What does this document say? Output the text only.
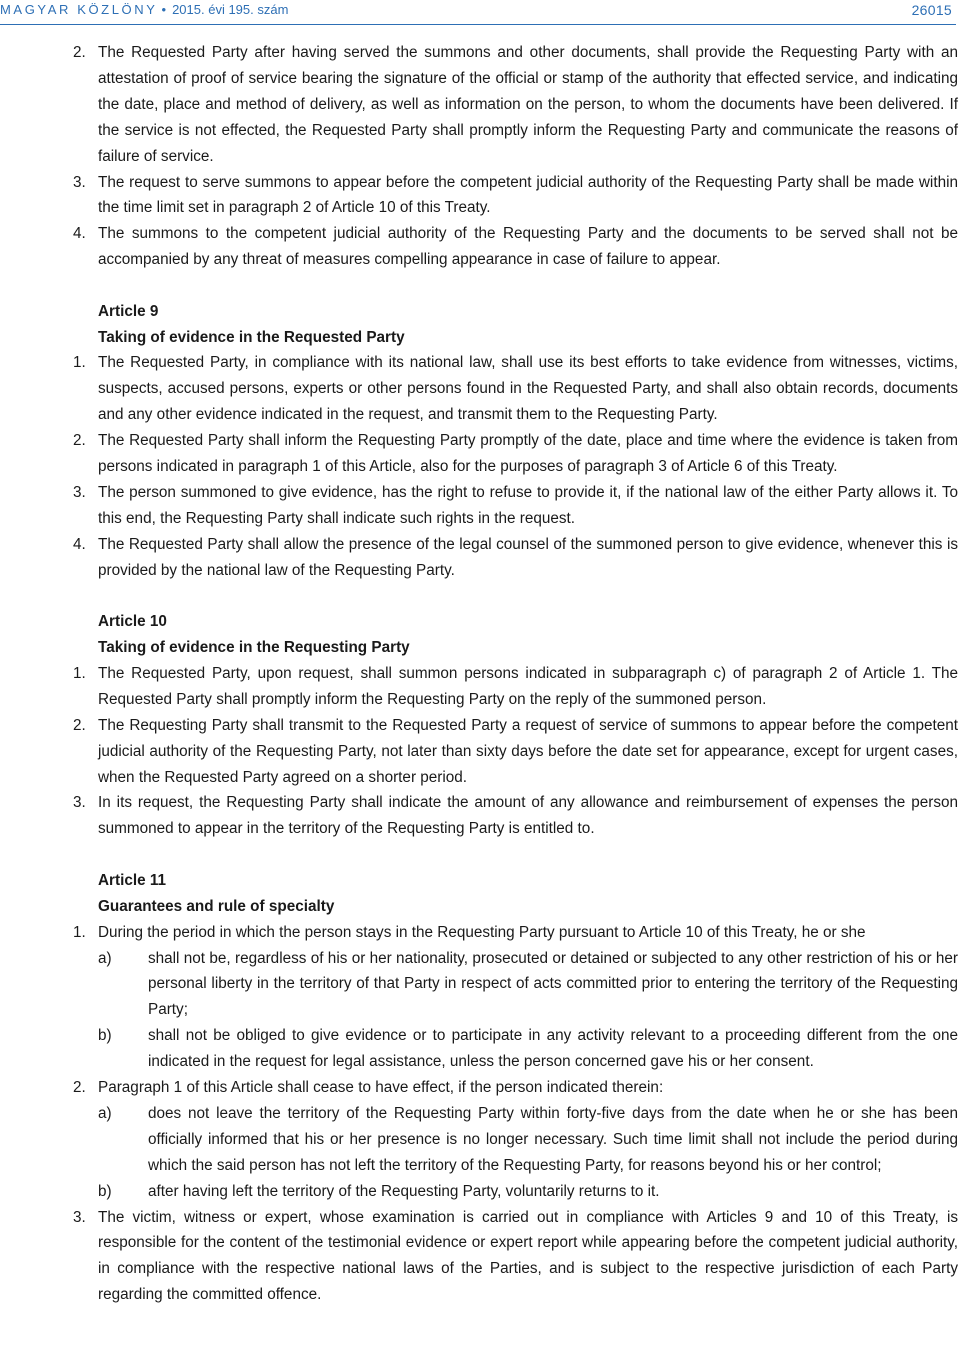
MAGYAR KÖZLÖNY • 2015. évi 195. szám	26015
2. The Requested Party after having served the summons and other documents, shall provide the Requesting Party with an attestation of proof of service bearing the signature of the official or stamp of the authority that effected service, and indicating the date, place and method of delivery, as well as information on the person, to whom the documents have been delivered. If the service is not effected, the Requested Party shall promptly inform the Requesting Party and communicate the reasons of failure of service.
3. The request to serve summons to appear before the competent judicial authority of the Requesting Party shall be made within the time limit set in paragraph 2 of Article 10 of this Treaty.
4. The summons to the competent judicial authority of the Requesting Party and the documents to be served shall not be accompanied by any threat of measures compelling appearance in case of failure to appear.
Article 9
Taking of evidence in the Requested Party
1. The Requested Party, in compliance with its national law, shall use its best efforts to take evidence from witnesses, victims, suspects, accused persons, experts or other persons found in the Requested Party, and shall also obtain records, documents and any other evidence indicated in the request, and transmit them to the Requesting Party.
2. The Requested Party shall inform the Requesting Party promptly of the date, place and time where the evidence is taken from persons indicated in paragraph 1 of this Article, also for the purposes of paragraph 3 of Article 6 of this Treaty.
3. The person summoned to give evidence, has the right to refuse to provide it, if the national law of the either Party allows it. To this end, the Requesting Party shall indicate such rights in the request.
4. The Requested Party shall allow the presence of the legal counsel of the summoned person to give evidence, whenever this is provided by the national law of the Requesting Party.
Article 10
Taking of evidence in the Requesting Party
1. The Requested Party, upon request, shall summon persons indicated in subparagraph c) of paragraph 2 of Article 1. The Requested Party shall promptly inform the Requesting Party on the reply of the summoned person.
2. The Requesting Party shall transmit to the Requested Party a request of service of summons to appear before the competent judicial authority of the Requesting Party, not later than sixty days before the date set for appearance, except for urgent cases, when the Requested Party agreed on a shorter period.
3. In its request, the Requesting Party shall indicate the amount of any allowance and reimbursement of expenses the person summoned to appear in the territory of the Requesting Party is entitled to.
Article 11
Guarantees and rule of specialty
1. During the period in which the person stays in the Requesting Party pursuant to Article 10 of this Treaty, he or she
a) shall not be, regardless of his or her nationality, prosecuted or detained or subjected to any other restriction of his or her personal liberty in the territory of that Party in respect of acts committed prior to entering the territory of the Requesting Party;
b) shall not be obliged to give evidence or to participate in any activity relevant to a proceeding different from the one indicated in the request for legal assistance, unless the person concerned gave his or her consent.
2. Paragraph 1 of this Article shall cease to have effect, if the person indicated therein:
a) does not leave the territory of the Requesting Party within forty-five days from the date when he or she has been officially informed that his or her presence is no longer necessary. Such time limit shall not include the period during which the said person has not left the territory of the Requesting Party, for reasons beyond his or her control;
b) after having left the territory of the Requesting Party, voluntarily returns to it.
3. The victim, witness or expert, whose examination is carried out in compliance with Articles 9 and 10 of this Treaty, is responsible for the content of the testimonial evidence or expert report while appearing before the competent judicial authority, in compliance with the respective national laws of the Parties, and is subject to the respective jurisdiction of each Party regarding the committed offence.
